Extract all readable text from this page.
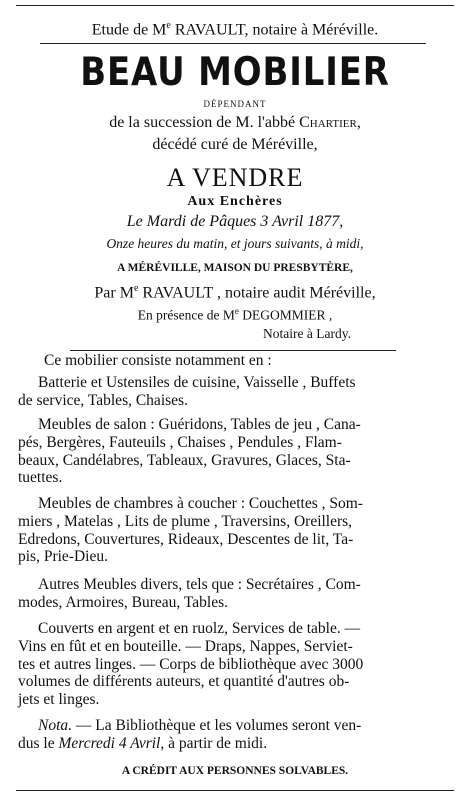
Etude de Me RAVAULT, notaire à Méréville.
BEAU MOBILIER
DÉPENDANT
de la succession de M. l'abbé Chartier,
décédé curé de Méréville,
A VENDRE
Aux Enchères
Le Mardi de Pâques 3 Avril 1877,
Onze heures du matin, et jours suivants, à midi,
A MÉRÉVILLE, MAISON DU PRESBYTÈRE,
Par Me RAVAULT , notaire audit Méréville,
En présence de Me DEGOMMIER ,
Notaire à Lardy.
Ce mobilier consiste notamment en :
Batterie et Ustensiles de cuisine, Vaisselle , Buffets
de service, Tables, Chaises.
Meubles de salon : Guéridons, Tables de jeu , Cana-
pés, Bergères, Fauteuils , Chaises , Pendules , Flam-
beaux, Candélabres, Tableaux, Gravures, Glaces, Sta-
tuettes.
Meubles de chambres à coucher : Couchettes , Som-
miers , Matelas , Lits de plume , Traversins, Oreillers,
Edredons, Couvertures, Rideaux, Descentes de lit, Ta-
pis, Prie-Dieu.
Autres Meubles divers, tels que : Secrétaires , Com-
modes, Armoires, Bureau, Tables.
Couverts en argent et en ruolz, Services de table. —
Vins en fût et en bouteille. — Draps, Nappes, Serviet-
tes et autres linges. — Corps de bibliothèque avec 3000
volumes de différents auteurs, et quantité d'autres ob-
jets et linges.
Nota. — La Bibliothèque et les volumes seront ven-
dus le Mercredi 4 Avril, à partir de midi.
A CRÉDIT AUX PERSONNES SOLVABLES.
